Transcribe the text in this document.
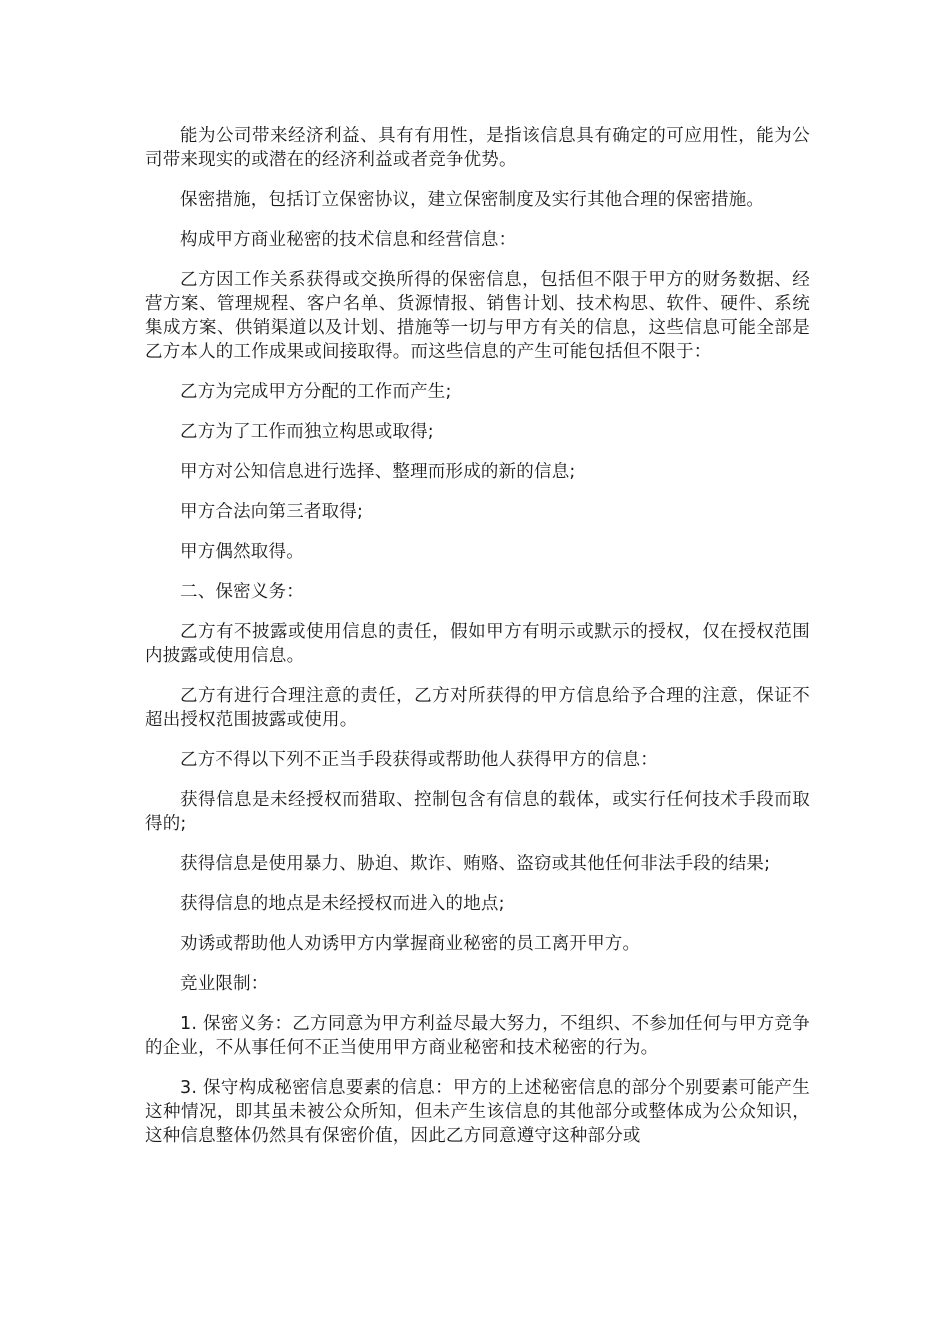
能为公司带来经济利益、具有有用性，是指该信息具有确定的可应用性，能为公司带来现实的或潜在的经济利益或者竞争优势。

保密措施，包括订立保密协议，建立保密制度及实行其他合理的保密措施。

构成甲方商业秘密的技术信息和经营信息：

乙方因工作关系获得或交换所得的保密信息，包括但不限于甲方的财务数据、经营方案、管理规程、客户名单、货源情报、销售计划、技术构思、软件、硬件、系统集成方案、供销渠道以及计划、措施等一切与甲方有关的信息，这些信息可能全部是乙方本人的工作成果或间接取得。而这些信息的产生可能包括但不限于：

乙方为完成甲方分配的工作而产生;

乙方为了工作而独立构思或取得;

甲方对公知信息进行选择、整理而形成的新的信息;

甲方合法向第三者取得;

甲方偶然取得。

二、保密义务：

乙方有不披露或使用信息的责任，假如甲方有明示或默示的授权，仅在授权范围内披露或使用信息。

乙方有进行合理注意的责任，乙方对所获得的甲方信息给予合理的注意，保证不超出授权范围披露或使用。

乙方不得以下列不正当手段获得或帮助他人获得甲方的信息：

获得信息是未经授权而猎取、控制包含有信息的载体，或实行任何技术手段而取得的;

获得信息是使用暴力、胁迫、欺诈、贿赂、盗窃或其他任何非法手段的结果;

获得信息的地点是未经授权而进入的地点;

劝诱或帮助他人劝诱甲方内掌握商业秘密的员工离开甲方。

竞业限制：

1. 保密义务：乙方同意为甲方利益尽最大努力，不组织、不参加任何与甲方竞争的企业，不从事任何不正当使用甲方商业秘密和技术秘密的行为。

3. 保守构成秘密信息要素的信息：甲方的上述秘密信息的部分个别要素可能产生这种情况，即其虽未被公众所知，但未产生该信息的其他部分或整体成为公众知识，这种信息整体仍然具有保密价值，因此乙方同意遵守这种部分或
